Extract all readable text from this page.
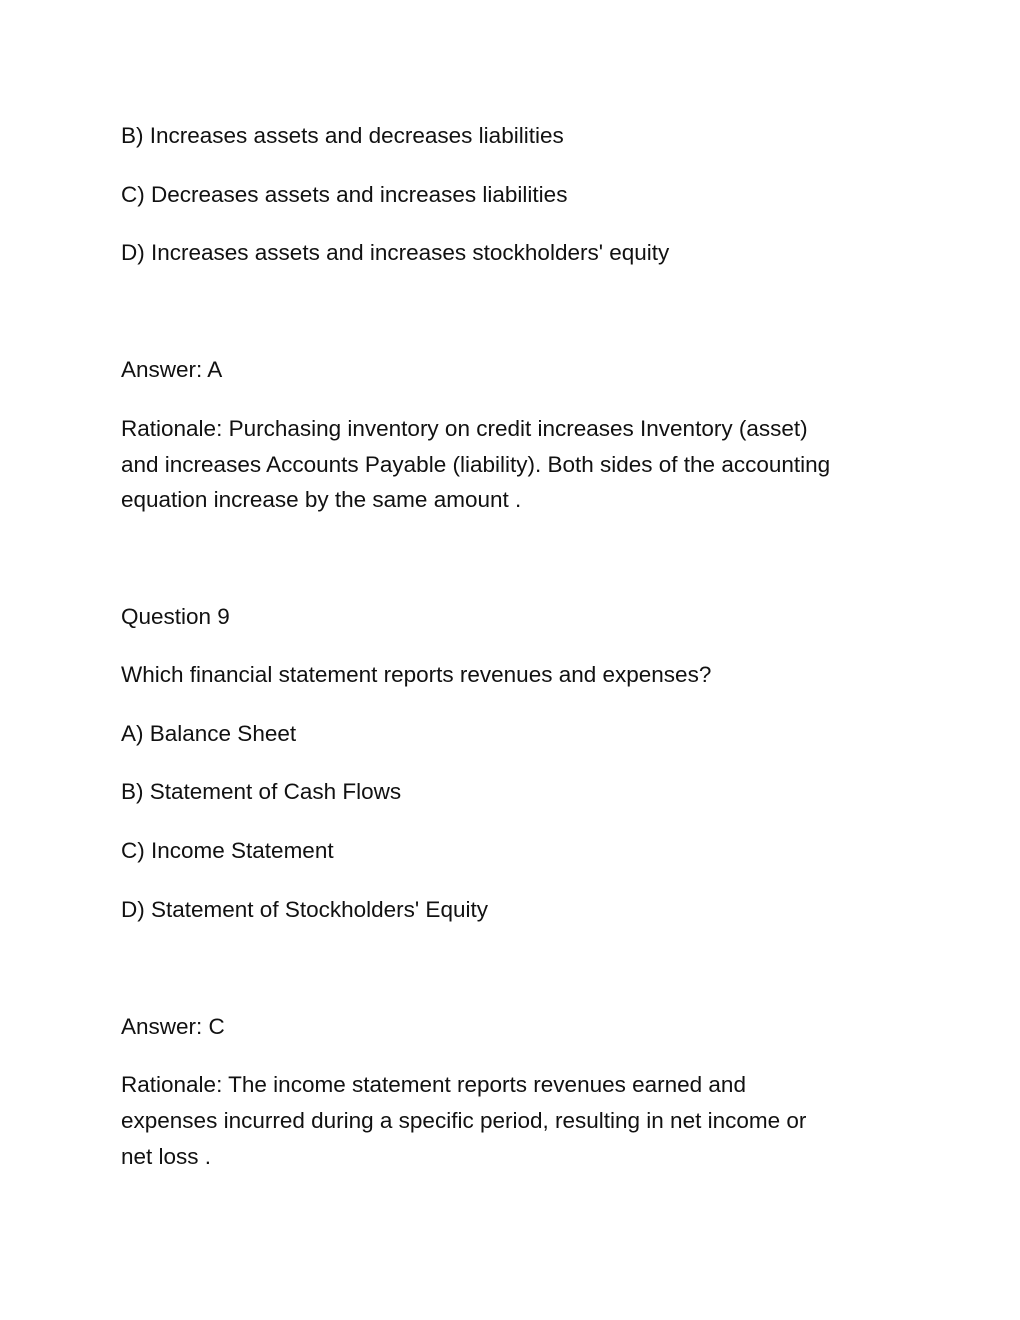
B) Increases assets and decreases liabilities
C) Decreases assets and increases liabilities
D) Increases assets and increases stockholders' equity
Answer: A
Rationale: Purchasing inventory on credit increases Inventory (asset)
and increases Accounts Payable (liability). Both sides of the accounting
equation increase by the same amount .
Question 9
Which financial statement reports revenues and expenses?
A) Balance Sheet
B) Statement of Cash Flows
C) Income Statement
D) Statement of Stockholders' Equity
Answer: C
Rationale: The income statement reports revenues earned and
expenses incurred during a specific period, resulting in net income or
net loss .
